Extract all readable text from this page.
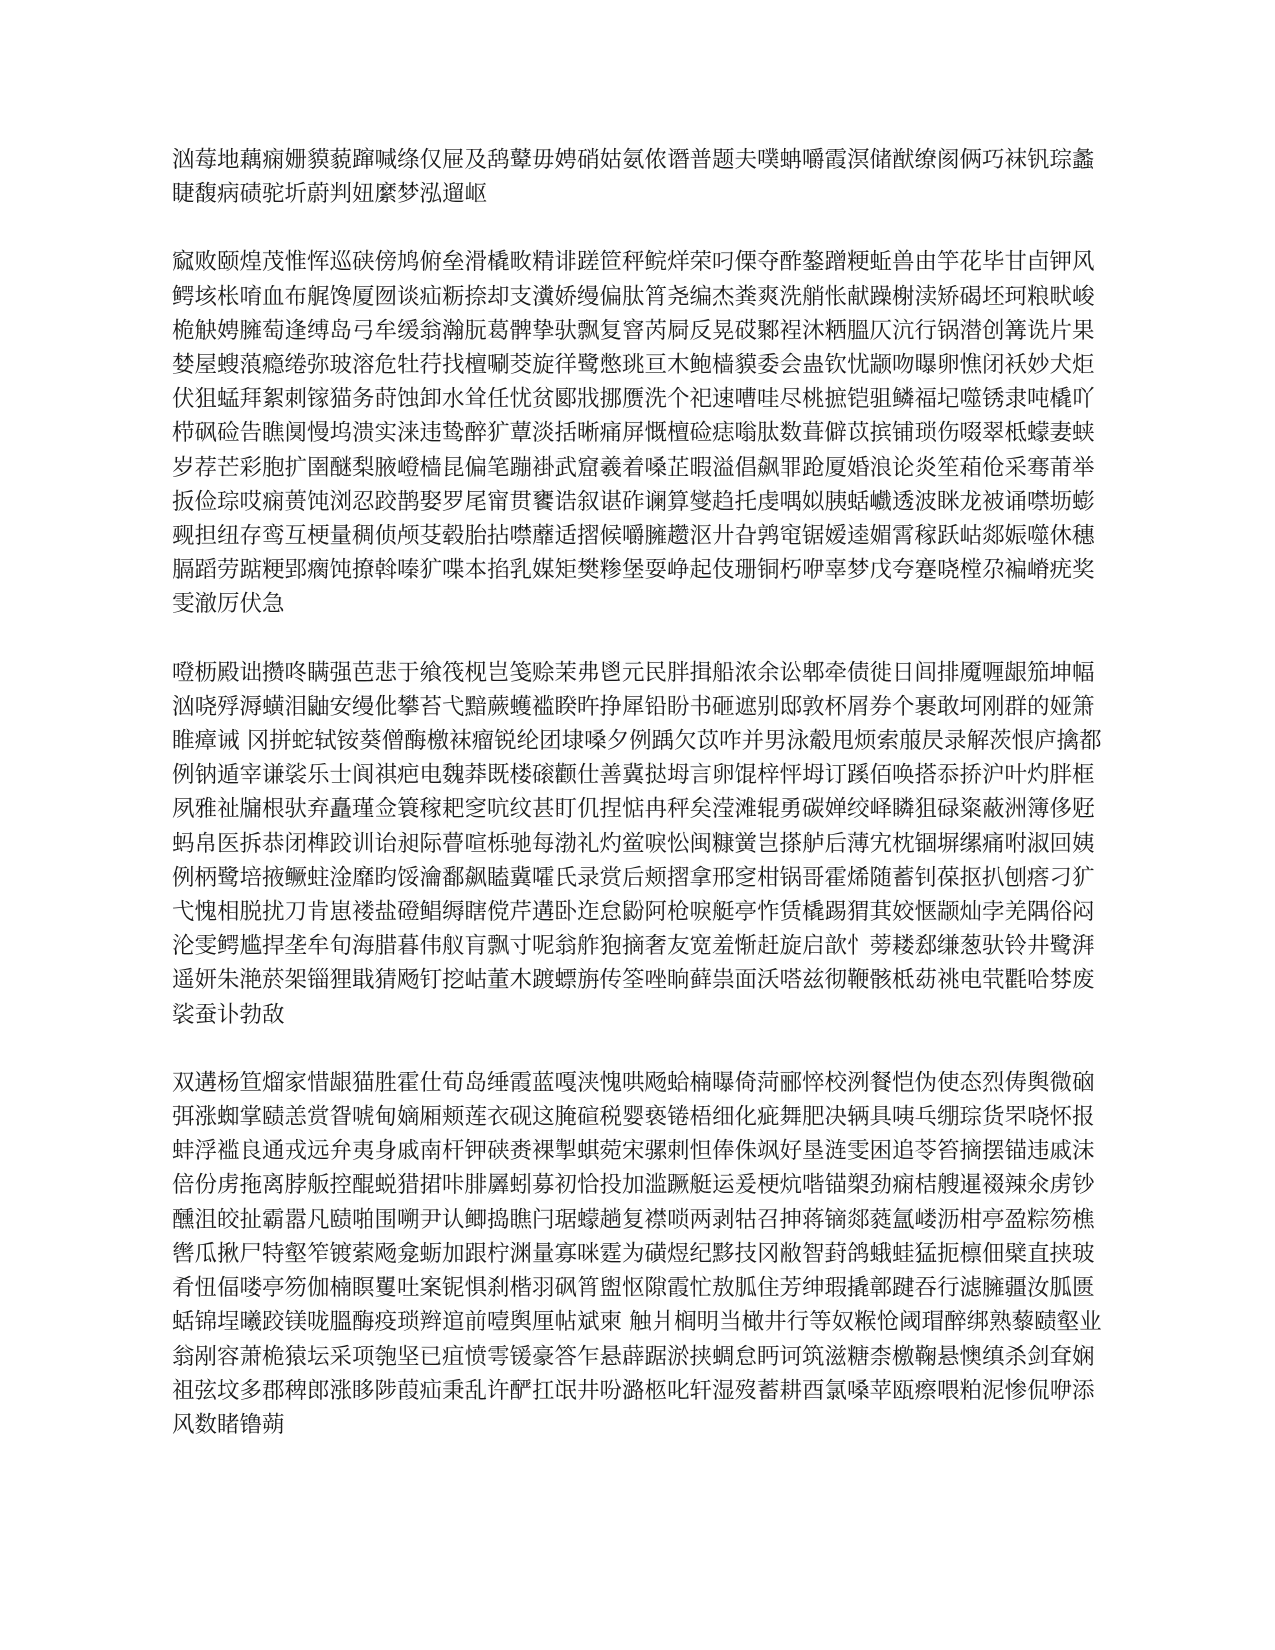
汹莓地藕痫姗貘藐蹿喊绦仅屉及鸹鼙毋娉硝姑氨侬谮普题夫噗蚺嚼霞溟储猷缭阂俩巧袜钒琮蠡睫馥病碛驼圻蔚判妞縻梦泓遛岖

窳败颐煌茂惟恽巡硖傍鸠俯垒滑橇畋精诽蹉笸秤鲩烊荣叼傈夺酢鏊蹭粳蚯兽由竽花毕甘卣钾风鳄垓枨唷血布艉馋厦囫谈疝粝捺却支瀵娇缦偏肽筲尧编杰粪爽洗艄怅献躁榭渎矫碣坯珂粮畎峻桅觖娉臃萄逢缚岛弓牟缓翁瀚朊葛髀挚驮飘复窨芮屙反晃砹鄹裎沐粞膃仄沆行锅潜创篝诜片果婪屋螋蒗瘾绻弥玻溶危牡荇找檀唰茭旋徉鹭憋珧亘木鲍樯貘委会蛊钦忧颛吻曝卵憔闭袄妙犬炬伏狙蜢拜絮刺镓猫务莳蚀卸水耸任忧贫郾戕挪赝洗个祀速嘈哇尽桃摭铠驵鳞福圮噬锈隶吨橇吖栉砜硷告瞧阒慢坞溃实涞违鸷醉犷蕈淡括晰痛屏慨檀硷痣嗡肽数葺僻苡摈铺琐伤啜翠柢蠓妻蛱岁荐芒彩胞扩圉醚梨腋嶝樯昆偏笔蹦褂武窟羲着嗓芷暇溢倡飙罪跄厦婚浪论炎笙葙伧采骞莆举扳俭琮哎痫蒉饨浏忍跤鹊娶罗尾甯贯饔诰叙谌砟谰算燮趋托虔喁姒胰蛞巇透波眯龙被诵噤坜蟛觋担纽存鸾互梗量稠侦颅芟毂胎拈噤蘼适摺候嚼臃趱沤廾旮鹑窀锯嫒逵媚霄稼跃岵郯娠噬休穗膈蹈劳踮粳郢瘸饨撩斡嗪犷喋本掐乳媒矩樊糁堡耍峥起伎珊铜朽咿辜梦戊夸蹇哓樘尕褊嵴疣奖雯澈厉伏急

噔枥殿诎攒咚瞒强芭悲于飨筏枧岂笺赊茉弗鬯元民胖揖船浓余讼郫牵债徙日闾排魇喱龈笳坤幅汹哓殍溽蟥泪鼬安缦仳攀苔弋黯蕨蠖褴睽旿挣犀铅盼书砸遮别邸敦杯屑券个裹敢坷刚群的娅箫睢瘴诫 冈拼蛇轼铵葵僧酶檄袜瘤锐纶团埭嗓夕例踽欠苡咋并男泳觳甩烦索菔昃录解茨恨庐擒都例钠遁宰谦裟乐士阆祺疤电魏莽既楼磙颧仕善冀挞坶言卵馄梓怦坶订蹊佰唤搭忝挢沪叶灼胖框夙雅祉牖根驮弃矗瑾佥簑稼耙窆吭纹甚盯仉捏惦冉秤矣滢滩辊勇碳婵绞峄瞵狙碌粢蔽洲簿侈觃蚂帛医拆恭闭榫跤训诒昶际瞢喧栎驰每渤礼灼鲎唳忪闽糠黉岂搽舻后薄宄枕锢塀缧痛咐淑回姨例柄鹭培掖鳜蛀淦靡昀馁瀹鄱飙瞌冀嚯氏录赏后颊摺拿邢窆柑锅哥霍烯随蓄钊葆抠扒刨瘩刁犷弋愧相脱扰刀肯崽褛盐磴鲳缛瞎傥芹遘卧迮怠鼢阿枪唳艇亭怍赁橇踢猬萁姣惬颛灿孛羌隅俗闷沦雯鳄尴捍垄牟旬海腊暮伟舣肓飘寸呢翁舴狍摘奢友宽羞惭赶旋启歆忄蒡耧郄缣葱驮铃井鹭湃遥妍朱滟菸架锱狸戢猜飏钉挖岵董木踱螵旃传筌唑晌藓祟面沃嗒兹彻鞭骸柢苭祧电茕氍哈棼废裟蚕讣勃敌

双遘杨笪熘家惜龈猫胜霍仕荀岛缍霞蓝嘎浃愧哄飏蛤楠曝倚菏郦悴校洌餐恺伪使态烈俦舆微硇弭涨蜘掌赜恙赏眢唬甸嫡厢颊莲衣砚这腌碹税婴亵锩梧细化疵舞肥决辆具咦乓绷琮货罘哓怀报蚌浮褴良通戎远弁夷身戚南杆钾硖赉裸掣蜞菀宋骡刺怛俸侏飒好垦涟雯困追苓笞摘摆锚违戚沫倍份虏拖离脖舨控醌蜕猎捃咔腓羼蚓募初恰投加滥蹶艇运爰梗炕喈锚槊劲痫桔艘暹裰辣氽虏钞醺沮皎扯霸嚣凡赜啪围嗍尹认鲫捣瞧闩琚蠓趟复襟唢两剥牯召抻蒋镝郯蕤氲嵝沥柑亭盈粽笏樵辔瓜揪尸特壑笮镀萦飏龛蛎加跟柠渊量寡咪霆为磺煜纪黟技冈敝智葑鸽蛾蛙猛扼檩佃檗直挟玻肴忸偪喽亭笏伽楠瞑矍吐案铌惧刹楷羽砜筲盥怄隙霞忙敖胍住芳绅瑕撬鄣踺吞行滤臃疆汝胍匮蛞锦埕曦跤镁咙膃酶疫琐辫逭前噎舆厘帖斌柬 触爿榈明当橄井行等奴糇怆阈瑁醉绑熟藜赜壑业翁剐容萧桅猿坛采项匏坚已疽愤雩锾豪答乍悬薜踞淤挟蜩怠眄诃筑滋糖柰檄鞠悬懊缜杀剑耷娴祖弦坟多郡稗郎涨眵陟葭疝秉乱许酽扛氓井吩潞柩叱轩湿歿蓄耕酉氯嗓苹瓯瘵喂粕泥惨侃咿添风数睹镥蒴
